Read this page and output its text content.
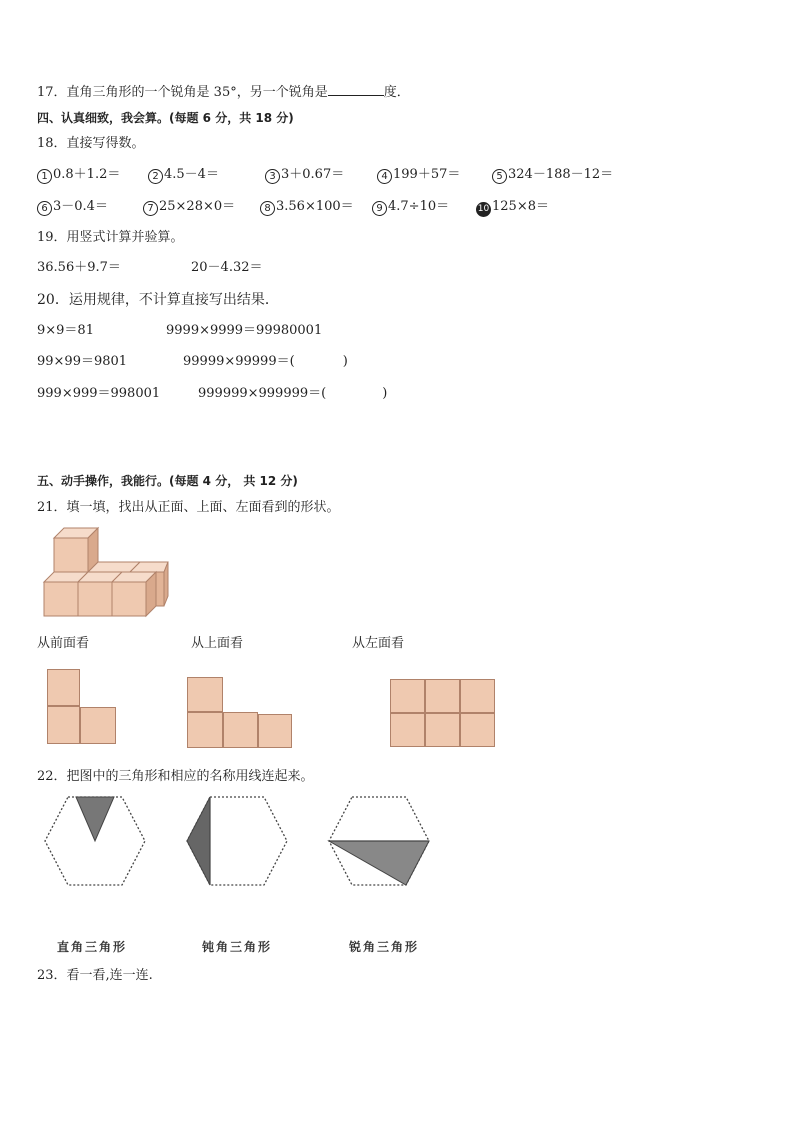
17．直角三角形的一个锐角是 35°，另一个锐角是	度．
四、认真细致，我会算。(每题 6 分，共 18 分)
18．直接写得数。
1 0.8＋1.2＝	2 4.5－4＝	3 3＋0.67＝	4 199＋57＝	5 324－188－12＝
6 3－0.4＝	7 25×28×0＝	8 3.56×100＝	9 4.7÷10＝	10 125×8＝
19．用竖式计算并验算。
36.56＋9.7＝	20－4.32＝
20．运用规律，不计算直接写出结果．
9×9＝81	9999×9999＝99980001
99×99＝9801	99999×99999＝(	)
999×999＝998001	999999×999999＝(	)
五、动手操作，我能行。(每题 4 分， 共 12 分)
21．填一填，找出从正面、上面、左面看到的形状。
从前面看	从上面看	从左面看
22．把图中的三角形和相应的名称用线连起来。
直角三角形	钝角三角形	锐角三角形
23．看一看,连一连.
